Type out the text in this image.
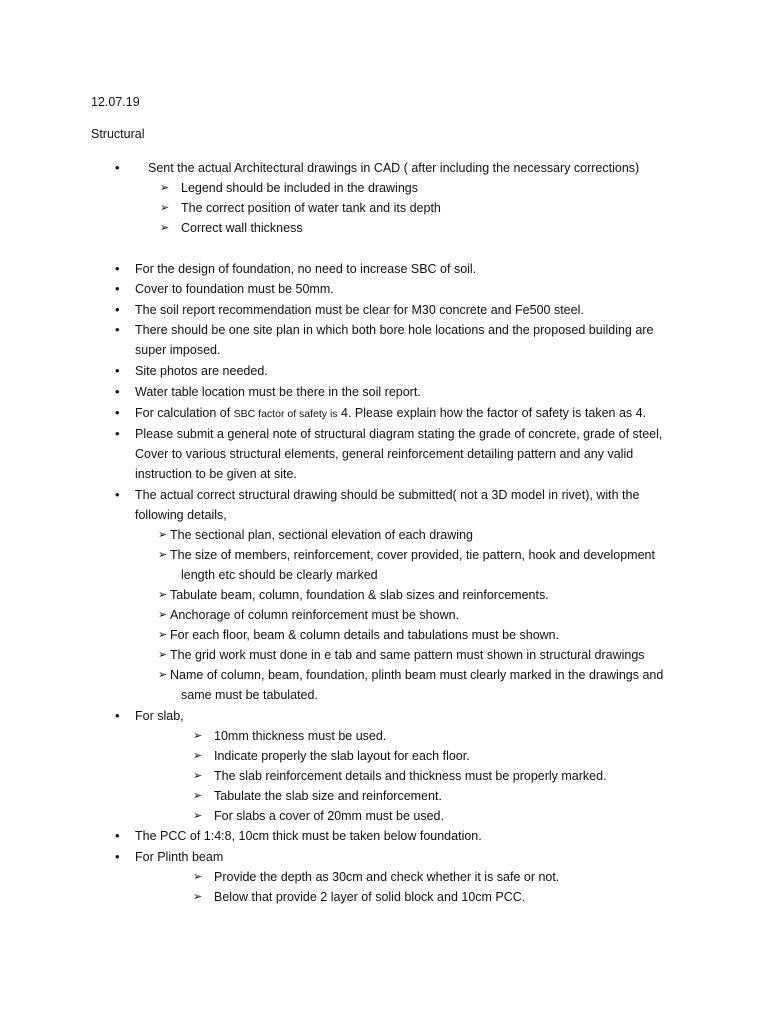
12.07.19
Structural
• Sent the actual Architectural drawings in CAD ( after including the necessary corrections)
➢ Legend should be included in the drawings
➢ The correct position of water tank and its depth
➢ Correct wall thickness
• For the design of foundation, no need to increase SBC of soil.
• Cover to foundation must be 50mm.
• The soil report recommendation must be clear for M30 concrete and Fe500 steel.
• There should be one site plan in which both bore hole locations and the proposed building are
super imposed.
• Site photos are needed.
• Water table location must be there in the soil report.
• For calculation of SBC factor of safety is 4. Please explain how the factor of safety is taken as 4.
• Please submit a general note of structural diagram stating the grade of concrete, grade of steel,
Cover to various structural elements, general reinforcement detailing pattern and any valid
instruction to be given at site.
• The actual correct structural drawing should be submitted( not a 3D model in rivet), with the
following details,
➢ The sectional plan, sectional elevation of each drawing
➢ The size of members, reinforcement, cover provided, tie pattern, hook and development
length etc should be clearly marked
➢ Tabulate beam, column, foundation & slab sizes and reinforcements.
➢ Anchorage of column reinforcement must be shown.
➢ For each floor, beam & column details and tabulations must be shown.
➢ The grid work must done in e tab and same pattern must shown in structural drawings
➢ Name of column, beam, foundation, plinth beam must clearly marked in the drawings and
same must be tabulated.
• For slab,
➢ 10mm thickness must be used.
➢ Indicate properly the slab layout for each floor.
➢ The slab reinforcement details and thickness must be properly marked.
➢ Tabulate the slab size and reinforcement.
➢ For slabs a cover of 20mm must be used.
• The PCC of 1:4:8, 10cm thick must be taken below foundation.
• For Plinth beam
➢ Provide the depth as 30cm and check whether it is safe or not.
➢ Below that provide 2 layer of solid block and 10cm PCC.
